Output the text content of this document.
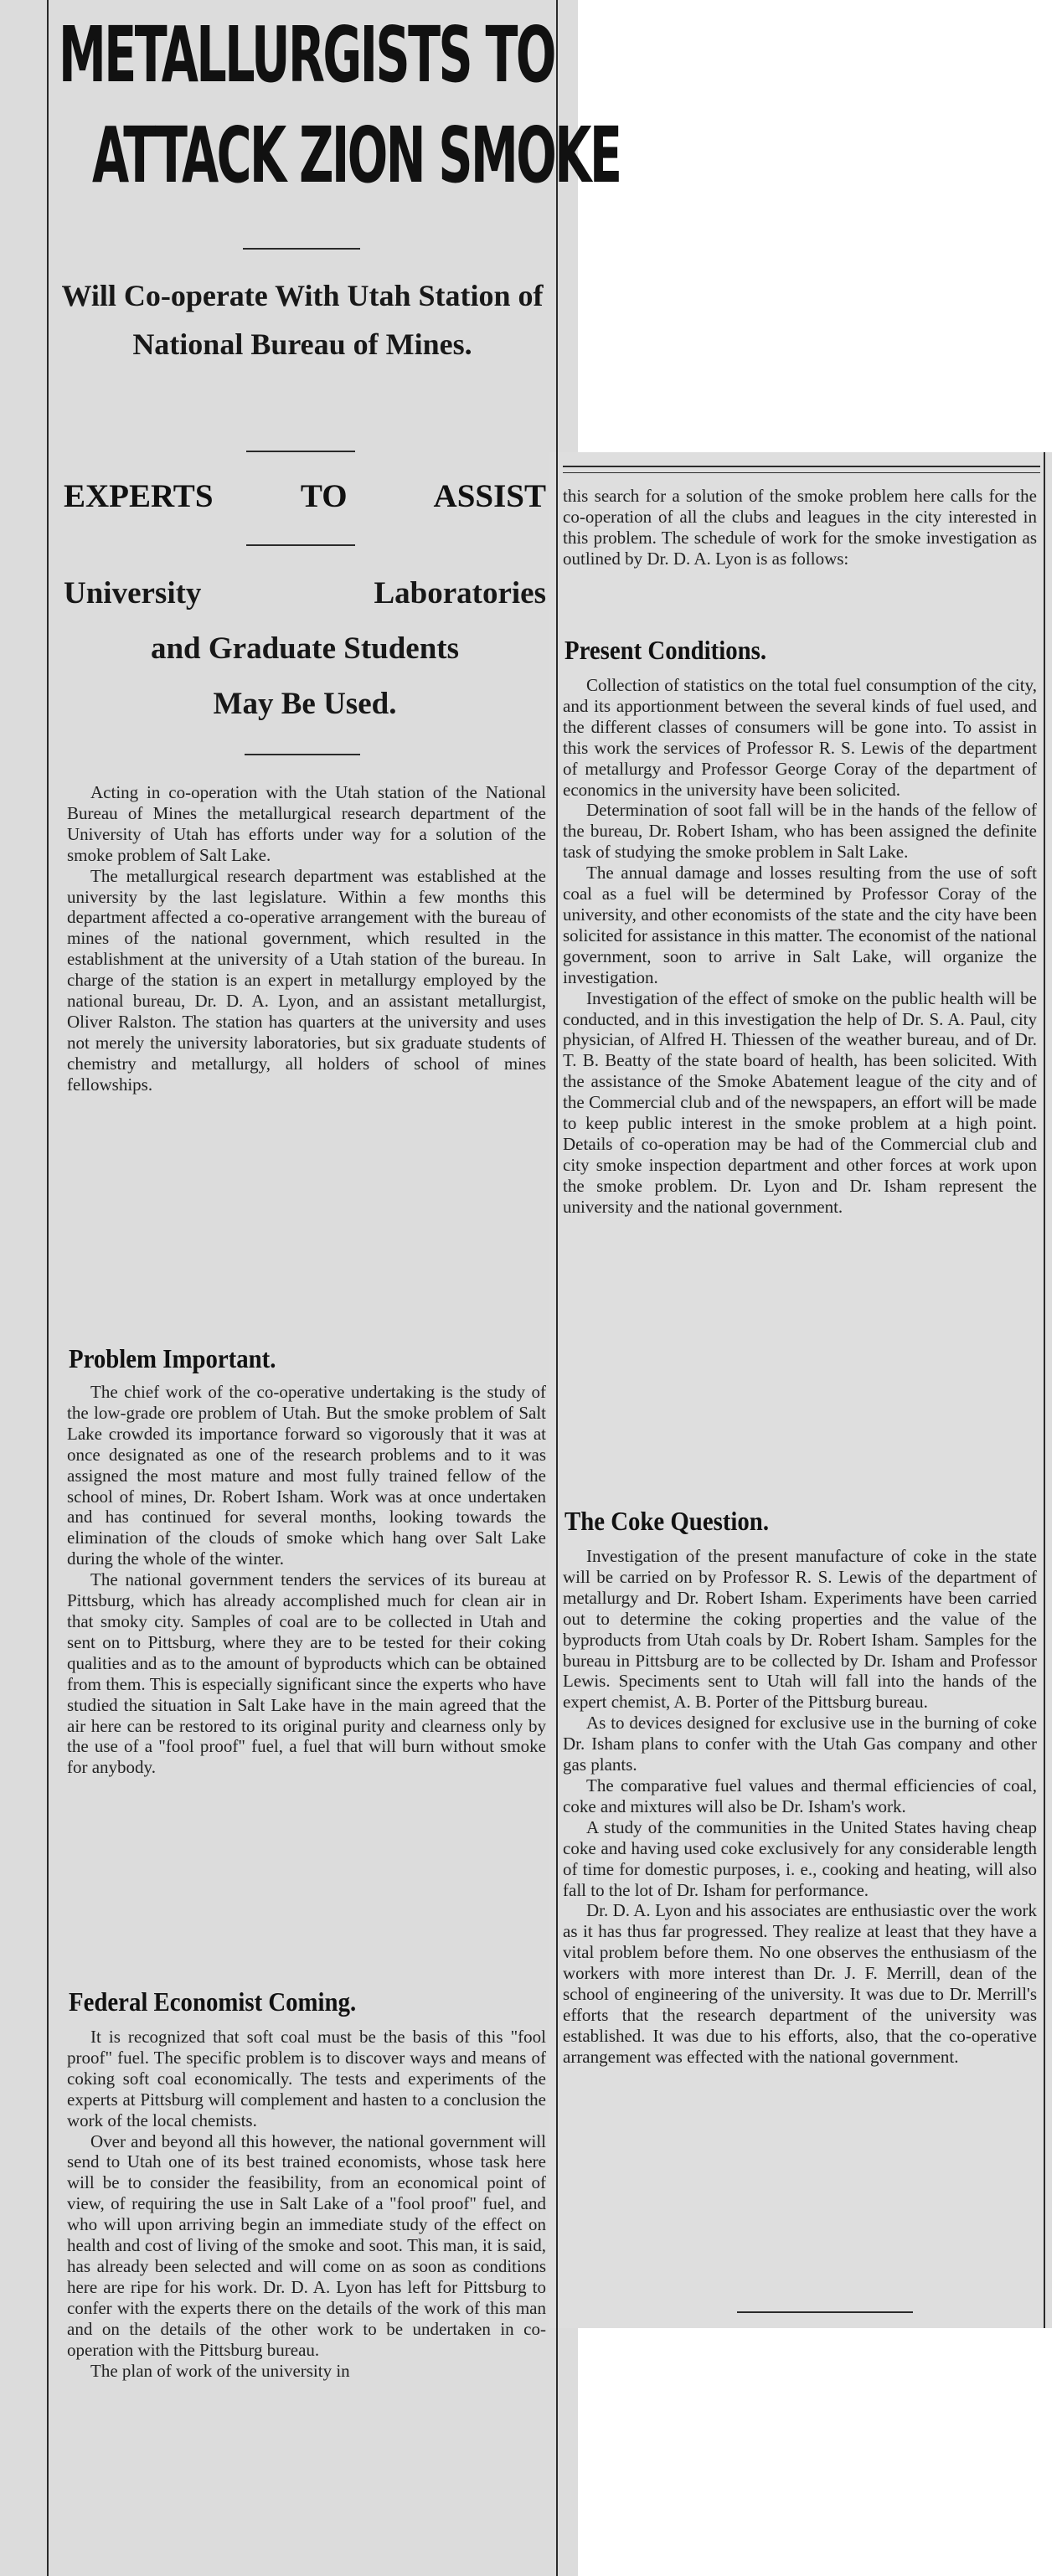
METALLURGISTS TO
ATTACK ZION SMOKE

Will Co-operate With Utah Station of National Bureau of Mines.

EXPERTS TO ASSIST

University Laboratories
and Graduate Students
May Be Used.

Acting in co-operation with the Utah station of the National Bureau of Mines the metallurgical research department of the University of Utah has efforts under way for a solution of the smoke problem of Salt Lake.

The metallurgical research department was established at the university by the last legislature. Within a few months this department affected a co-operative arrangement with the bureau of mines of the national government, which resulted in the establishment at the university of a Utah station of the bureau. In charge of the station is an expert in metallurgy employed by the national bureau, Dr. D. A. Lyon, and an assistant metallurgist, Oliver Ralston. The station has quarters at the university and uses not merely the university laboratories, but six graduate students of chemistry and metallurgy, all holders of school of mines fellowships.

Problem Important.

The chief work of the co-operative undertaking is the study of the low-grade ore problem of Utah. But the smoke problem of Salt Lake crowded its importance forward so vigorously that it was at once designated as one of the research problems and to it was assigned the most mature and most fully trained fellow of the school of mines, Dr. Robert Isham. Work was at once undertaken and has continued for several months, looking towards the elimination of the clouds of smoke which hang over Salt Lake during the whole of the winter.

The national government tenders the services of its bureau at Pittsburg, which has already accomplished much for clean air in that smoky city. Samples of coal are to be collected in Utah and sent on to Pittsburg, where they are to be tested for their coking qualities and as to the amount of byproducts which can be obtained from them. This is especially significant since the experts who have studied the situation in Salt Lake have in the main agreed that the air here can be restored to its original purity and clearness only by the use of a "fool proof" fuel, a fuel that will burn without smoke for anybody.

Federal Economist Coming.

It is recognized that soft coal must be the basis of this "fool proof" fuel. The specific problem is to discover ways and means of coking soft coal economically. The tests and experiments of the experts at Pittsburg will complement and hasten to a conclusion the work of the local chemists.

Over and beyond all this however, the national government will send to Utah one of its best trained economists, whose task here will be to consider the feasibility, from an economical point of view, of requiring the use in Salt Lake of a "fool proof" fuel, and who will upon arriving begin an immediate study of the effect on health and cost of living of the smoke and soot. This man, it is said, has already been selected and will come on as soon as conditions here are ripe for his work. Dr. D. A. Lyon has left for Pittsburg to confer with the experts there on the details of the work of this man and on the details of the other work to be undertaken in co-operation with the Pittsburg bureau.

The plan of work of the university in

this search for a solution of the smoke problem here calls for the co-operation of all the clubs and leagues in the city interested in this problem. The schedule of work for the smoke investigation as outlined by Dr. D. A. Lyon is as follows:

Present Conditions.

Collection of statistics on the total fuel consumption of the city, and its apportionment between the several kinds of fuel used, and the different classes of consumers will be gone into. To assist in this work the services of Professor R. S. Lewis of the department of metallurgy and Professor George Coray of the department of economics in the university have been solicited.

Determination of soot fall will be in the hands of the fellow of the bureau, Dr. Robert Isham, who has been assigned the definite task of studying the smoke problem in Salt Lake.

The annual damage and losses resulting from the use of soft coal as a fuel will be determined by Professor Coray of the university, and other economists of the state and the city have been solicited for assistance in this matter. The economist of the national government, soon to arrive in Salt Lake, will organize the investigation.

Investigation of the effect of smoke on the public health will be conducted, and in this investigation the help of Dr. S. A. Paul, city physician, of Alfred H. Thiessen of the weather bureau, and of Dr. T. B. Beatty of the state board of health, has been solicited. With the assistance of the Smoke Abatement league of the city and of the Commercial club and of the newspapers, an effort will be made to keep public interest in the smoke problem at a high point. Details of co-operation may be had of the Commercial club and city smoke inspection department and other forces at work upon the smoke problem. Dr. Lyon and Dr. Isham represent the university and the national government.

The Coke Question.

Investigation of the present manufacture of coke in the state will be carried on by Professor R. S. Lewis of the department of metallurgy and Dr. Robert Isham. Experiments have been carried out to determine the coking properties and the value of the byproducts from Utah coals by Dr. Robert Isham. Samples for the bureau in Pittsburg are to be collected by Dr. Isham and Professor Lewis. Speciments sent to Utah will fall into the hands of the expert chemist, A. B. Porter of the Pittsburg bureau.

As to devices designed for exclusive use in the burning of coke Dr. Isham plans to confer with the Utah Gas company and other gas plants.

The comparative fuel values and thermal efficiencies of coal, coke and mixtures will also be Dr. Isham's work.

A study of the communities in the United States having cheap coke and having used coke exclusively for any considerable length of time for domestic purposes, i. e., cooking and heating, will also fall to the lot of Dr. Isham for performance.

Dr. D. A. Lyon and his associates are enthusiastic over the work as it has thus far progressed. They realize at least that they have a vital problem before them. No one observes the enthusiasm of the workers with more interest than Dr. J. F. Merrill, dean of the school of engineering of the university. It was due to Dr. Merrill's efforts that the research department of the university was established. It was due to his efforts, also, that the co-operative arrangement was effected with the national government.
